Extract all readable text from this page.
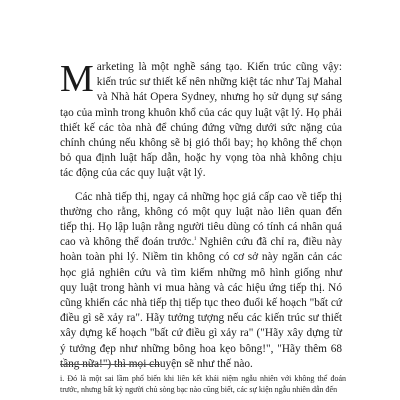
Marketing là một nghề sáng tạo. Kiến trúc cũng vậy: kiến trúc sư thiết kế nên những kiệt tác như Taj Mahal và Nhà hát Opera Sydney, nhưng họ sử dụng sự sáng tạo của mình trong khuôn khổ của các quy luật vật lý. Họ phải thiết kế các tòa nhà để chúng đứng vững dưới sức nặng của chính chúng nếu không sẽ bị gió thổi bay; họ không thể chọn bỏ qua định luật hấp dẫn, hoặc hy vọng tòa nhà không chịu tác động của các quy luật vật lý.

Các nhà tiếp thị, ngay cả những học giả cấp cao về tiếp thị thường cho rằng, không có một quy luật nào liên quan đến tiếp thị. Họ lập luận rằng người tiêu dùng có tính cá nhân quá cao và không thể đoán trước.$^i$ Nghiên cứu đã chỉ ra, điều này hoàn toàn phi lý. Niềm tin không có cơ sở này ngăn cản các học giả nghiên cứu và tìm kiếm những mô hình giống như quy luật trong hành vi mua hàng và các hiệu ứng tiếp thị. Nó cũng khiến các nhà tiếp thị tiếp tục theo đuổi kế hoạch "bất cứ điều gì sẽ xảy ra". Hãy tưởng tượng nếu các kiến trúc sư thiết xây dựng kế hoạch "bất cứ điều gì xảy ra" ("Hãy xây dựng từ ý tưởng đẹp như những bông hoa kẹo bông!", "Hãy thêm 68 tầng nữa!") thì mọi chuyện sẽ như thế nào.

i. Đó là một sai lầm phổ biến khi liên kết khái niệm ngẫu nhiên với không thể đoán trước, nhưng bất kỳ người chủ sòng bạc nào cũng biết, các sự kiện ngẫu nhiên dẫn đến
